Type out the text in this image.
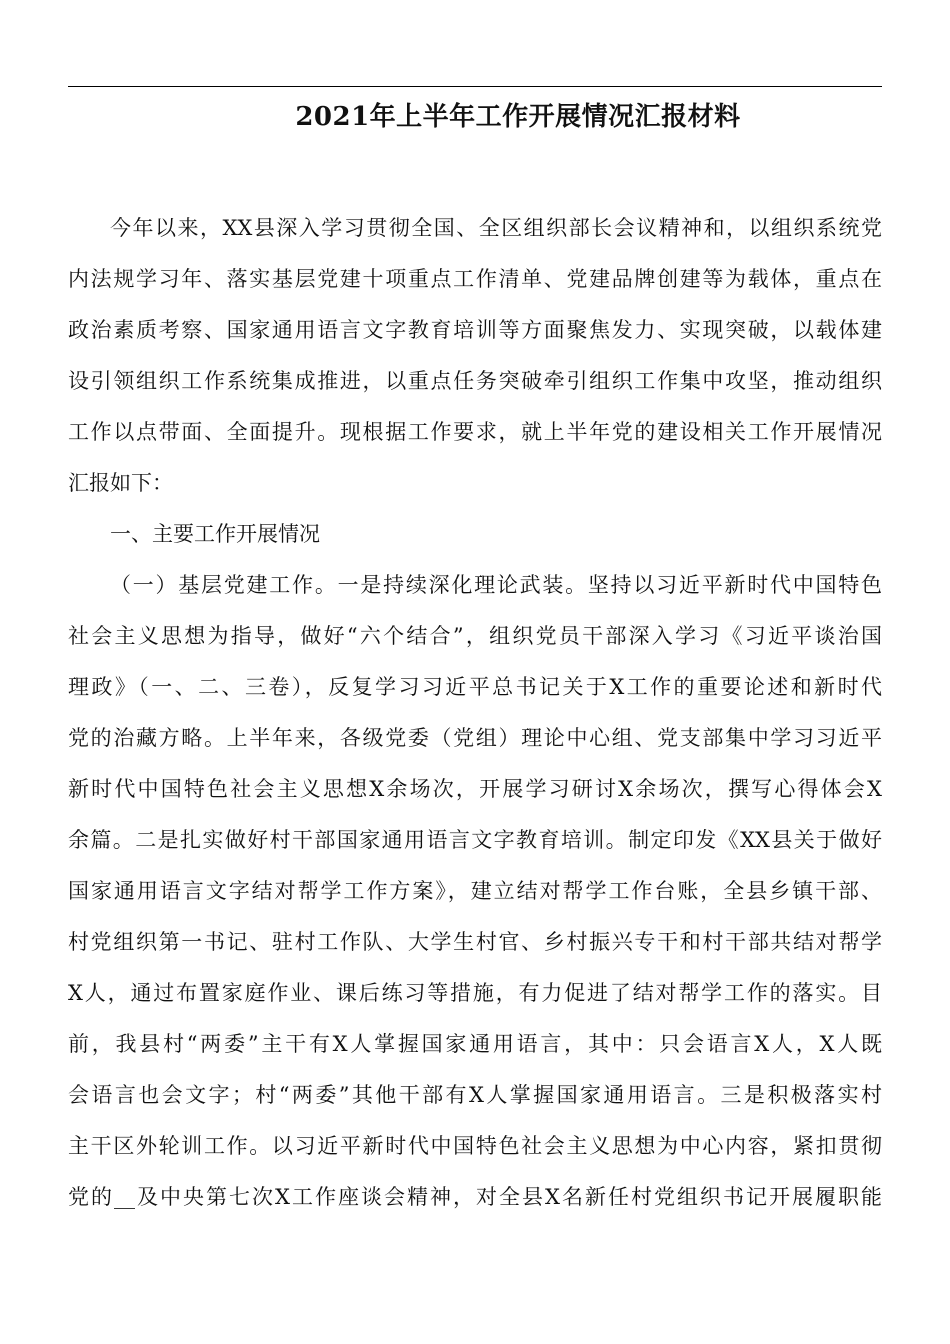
2021年上半年工作开展情况汇报材料
今年以来，XX县深入学习贯彻全国、全区组织部长会议精神和，以组织系统党
内法规学习年、落实基层党建十项重点工作清单、党建品牌创建等为载体，重点在
政治素质考察、国家通用语言文字教育培训等方面聚焦发力、实现突破，以载体建
设引领组织工作系统集成推进，以重点任务突破牵引组织工作集中攻坚，推动组织
工作以点带面、全面提升。现根据工作要求，就上半年党的建设相关工作开展情况
汇报如下：
一、主要工作开展情况
（一）基层党建工作。一是持续深化理论武装。坚持以习近平新时代中国特色
社会主义思想为指导，做好“六个结合”，组织党员干部深入学习《习近平谈治国
理政》（一、二、三卷），反复学习习近平总书记关于X工作的重要论述和新时代
党的治藏方略。上半年来，各级党委（党组）理论中心组、党支部集中学习习近平
新时代中国特色社会主义思想X余场次，开展学习研讨X余场次，撰写心得体会X
余篇。二是扎实做好村干部国家通用语言文字教育培训。制定印发《XX县关于做好
国家通用语言文字结对帮学工作方案》，建立结对帮学工作台账，全县乡镇干部、
村党组织第一书记、驻村工作队、大学生村官、乡村振兴专干和村干部共结对帮学
X人，通过布置家庭作业、课后练习等措施，有力促进了结对帮学工作的落实。目
前，我县村“两委”主干有X人掌握国家通用语言，其中：只会语言X人，X人既
会语言也会文字；村“两委”其他干部有X人掌握国家通用语言。三是积极落实村
主干区外轮训工作。以习近平新时代中国特色社会主义思想为中心内容，紧扣贯彻
党的__及中央第七次X工作座谈会精神，对全县X名新任村党组织书记开展履职能
